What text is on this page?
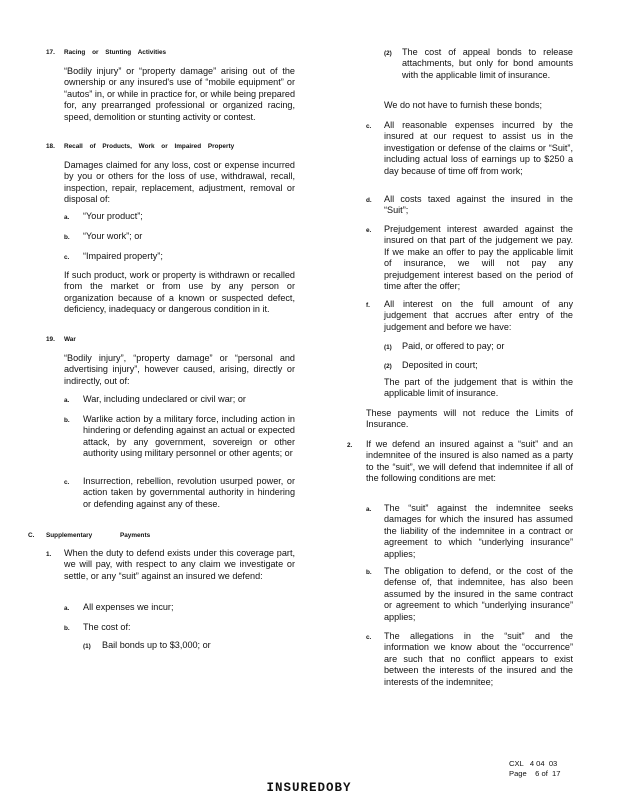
17. Racing or Stunting Activities

“Bodily injury” or “property damage” arising out of the ownership or any insured's use of “mobile equipment” or “autos” in, or while in practice for, or while being prepared for, any prearranged professional or organized racing, speed, demolition or stunting activity or contest.

18. Recall of Products, Work or Impaired Property

Damages claimed for any loss, cost or expense incurred by you or others for the loss of use, withdrawal, recall, inspection, repair, replacement, adjustment, removal or disposal of:

a. “Your product”;

b. “Your work”; or

c. “Impaired property”;

If such product, work or property is withdrawn or recalled from the market or from use by any person or organization because of a known or suspected defect, deficiency, inadequacy or dangerous condition in it.

19. War

“Bodily injury”, “property damage” or “personal and advertising injury”, however caused, arising, directly or indirectly, out of:

a. War, including undeclared or civil war; or

b. Warlike action by a military force, including action in hindering or defending against an actual or expected attack, by any government, sovereign or other authority using military personnel or other agents; or

c. Insurrection, rebellion, revolution usurped power, or action taken by governmental authority in hindering or defending against any of these.

C. Supplementary Payments

1. When the duty to defend exists under this coverage part, we will pay, with respect to any claim we investigate or settle, or any “suit” against an insured we defend:

a. All expenses we incur;

b. The cost of:

(1) Bail bonds up to $3,000; or

(2) The cost of appeal bonds to release attachments, but only for bond amounts with the applicable limit of insurance.

We do not have to furnish these bonds;

c. All reasonable expenses incurred by the insured at our request to assist us in the investigation or defense of the claims or “Suit”, including actual loss of earnings up to $250 a day because of time off from work;

d. All costs taxed against the insured in the “Suit”;

e. Prejudgement interest awarded against the insured on that part of the judgement we pay. If we make an offer to pay the applicable limit of insurance, we will not pay any prejudgement interest based on the period of time after the offer;

f. All interest on the full amount of any judgement that accrues after entry of the judgement and before we have:

(1) Paid, or offered to pay; or

(2) Deposited in court;

The part of the judgement that is within the applicable limit of insurance.

These payments will not reduce the Limits of Insurance.

2. If we defend an insured against a “suit” and an indemnitee of the insured is also named as a party to the “suit”, we will defend that indemnitee if all of the following conditions are met:

a. The “suit” against the indemnitee seeks damages for which the insured has assumed the liability of the indemnitee in a contract or agreement to which “underlying insurance” applies;

b. The obligation to defend, or the cost of the defense of, that indemnitee, has also been assumed by the insured in the same contract or agreement to which “underlying insurance” applies;

c. The allegations in the “suit” and the information we know about the “occurrence” are such that no conflict appears to exist between the interests of the insured and the interests of the indemnitee;

CXL   4 04  03

Page    6 of  17

INSUREDOBY
